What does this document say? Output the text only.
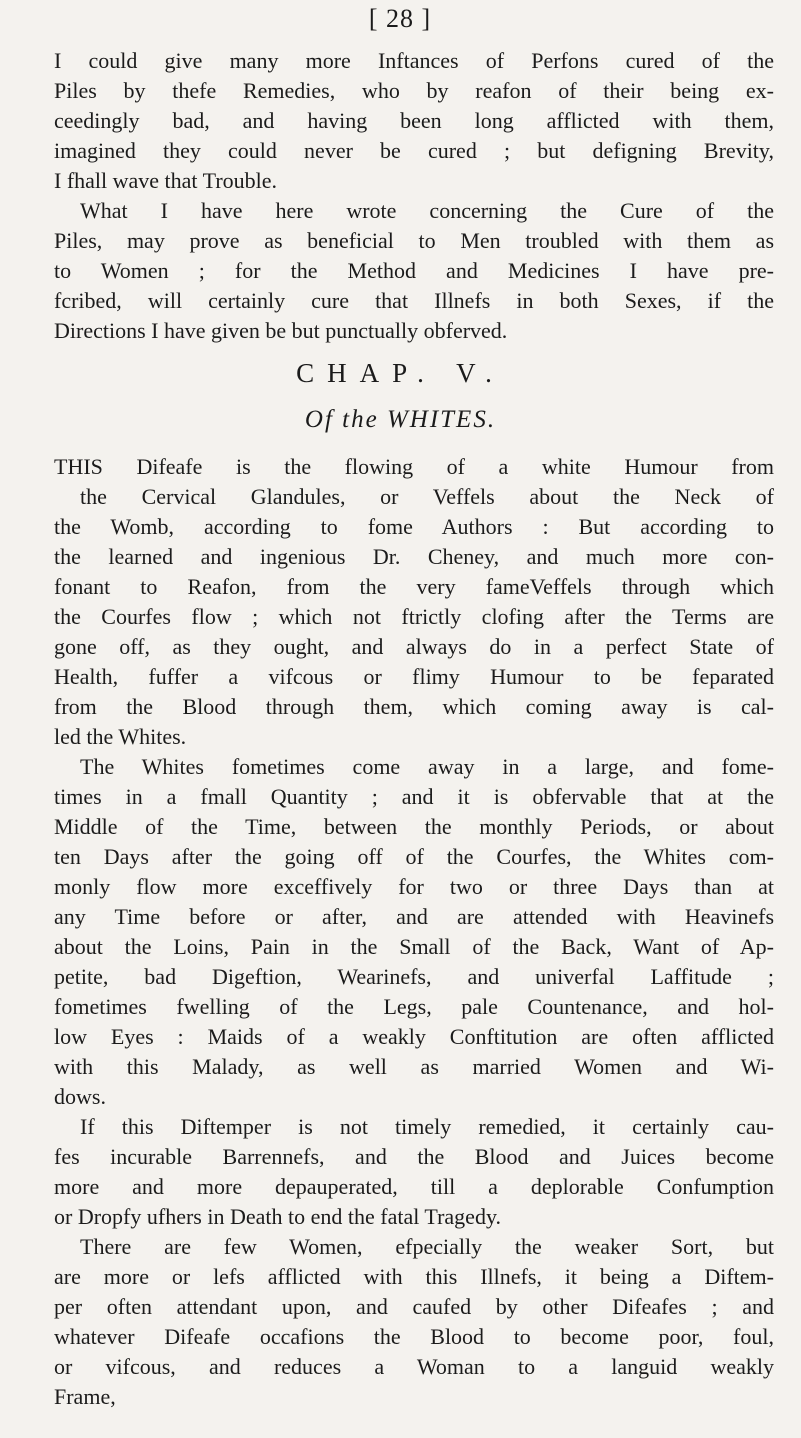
[ 28 ]
I could give many more Inftances of Perfons cured of the
Piles by thefe Remedies, who by reafon of their being ex-
ceedingly bad, and having been long afflicted with them,
imagined they could never be cured ; but defigning Brevity,
I fhall wave that Trouble.
What I have here wrote concerning the Cure of the
Piles, may prove as beneficial to Men troubled with them as
to Women ; for the Method and Medicines I have pre-
fcribed, will certainly cure that Illnefs in both Sexes, if the
Directions I have given be but punctually obferved.
CHAP. V.
Of the WHITES.
THIS Difeafe is the flowing of a white Humour from
the Cervical Glandules, or Veffels about the Neck of
the Womb, according to fome Authors : But according to
the learned and ingenious Dr. Cheney, and much more con-
fonant to Reafon, from the very fameVeffels through which
the Courfes flow ; which not ftrictly clofing after the Terms are
gone off, as they ought, and always do in a perfect State of
Health, fuffer a vifcous or flimy Humour to be feparated
from the Blood through them, which coming away is cal-
led the Whites.
The Whites fometimes come away in a large, and fome-
times in a fmall Quantity ; and it is obfervable that at the
Middle of the Time, between the monthly Periods, or about
ten Days after the going off of the Courfes, the Whites com-
monly flow more exceffively for two or three Days than at
any Time before or after, and are attended with Heavinefs
about the Loins, Pain in the Small of the Back, Want of Ap-
petite, bad Digeftion, Wearinefs, and univerfal Laffitude ;
fometimes fwelling of the Legs, pale Countenance, and hol-
low Eyes : Maids of a weakly Conftitution are often afflicted
with this Malady, as well as married Women and Wi-
dows.
If this Diftemper is not timely remedied, it certainly cau-
fes incurable Barrennefs, and the Blood and Juices become
more and more depauperated, till a deplorable Confumption
or Dropfy ufhers in Death to end the fatal Tragedy.
There are few Women, efpecially the weaker Sort, but
are more or lefs afflicted with this Illnefs, it being a Diftem-
per often attendant upon, and caufed by other Difeafes ; and
whatever Difeafe occafions the Blood to become poor, foul,
or vifcous, and reduces a Woman to a languid weakly
Frame,
